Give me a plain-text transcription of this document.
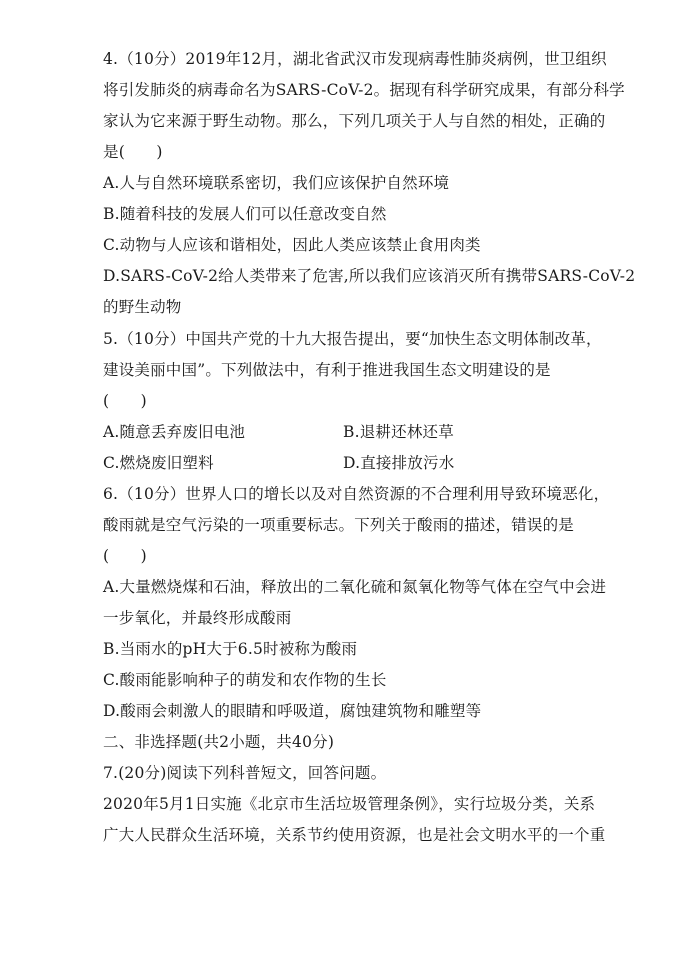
4.（10分）2019年12月，湖北省武汉市发现病毒性肺炎病例，世卫组织
将引发肺炎的病毒命名为SARS-CoV-2。据现有科学研究成果，有部分科学
家认为它来源于野生动物。那么，下列几项关于人与自然的相处，正确的
是(　　)
A.人与自然环境联系密切，我们应该保护自然环境
B.随着科技的发展人们可以任意改变自然
C.动物与人应该和谐相处，因此人类应该禁止食用肉类
D.SARS-CoV-2给人类带来了危害,所以我们应该消灭所有携带SARS-CoV-2
的野生动物
5.（10分）中国共产党的十九大报告提出，要“加快生态文明体制改革，
建设美丽中国”。下列做法中，有利于推进我国生态文明建设的是
(　　)
A.随意丢弃废旧电池	B.退耕还林还草
C.燃烧废旧塑料	D.直接排放污水
6.（10分）世界人口的增长以及对自然资源的不合理利用导致环境恶化，
酸雨就是空气污染的一项重要标志。下列关于酸雨的描述，错误的是
(　　)
A.大量燃烧煤和石油，释放出的二氧化硫和氮氧化物等气体在空气中会进
一步氧化，并最终形成酸雨
B.当雨水的pH大于6.5时被称为酸雨
C.酸雨能影响种子的萌发和农作物的生长
D.酸雨会刺激人的眼睛和呼吸道，腐蚀建筑物和雕塑等
二、非选择题(共2小题，共40分)
7.(20分)阅读下列科普短文，回答问题。
2020年5月1日实施《北京市生活垃圾管理条例》，实行垃圾分类，关系
广大人民群众生活环境，关系节约使用资源，也是社会文明水平的一个重
